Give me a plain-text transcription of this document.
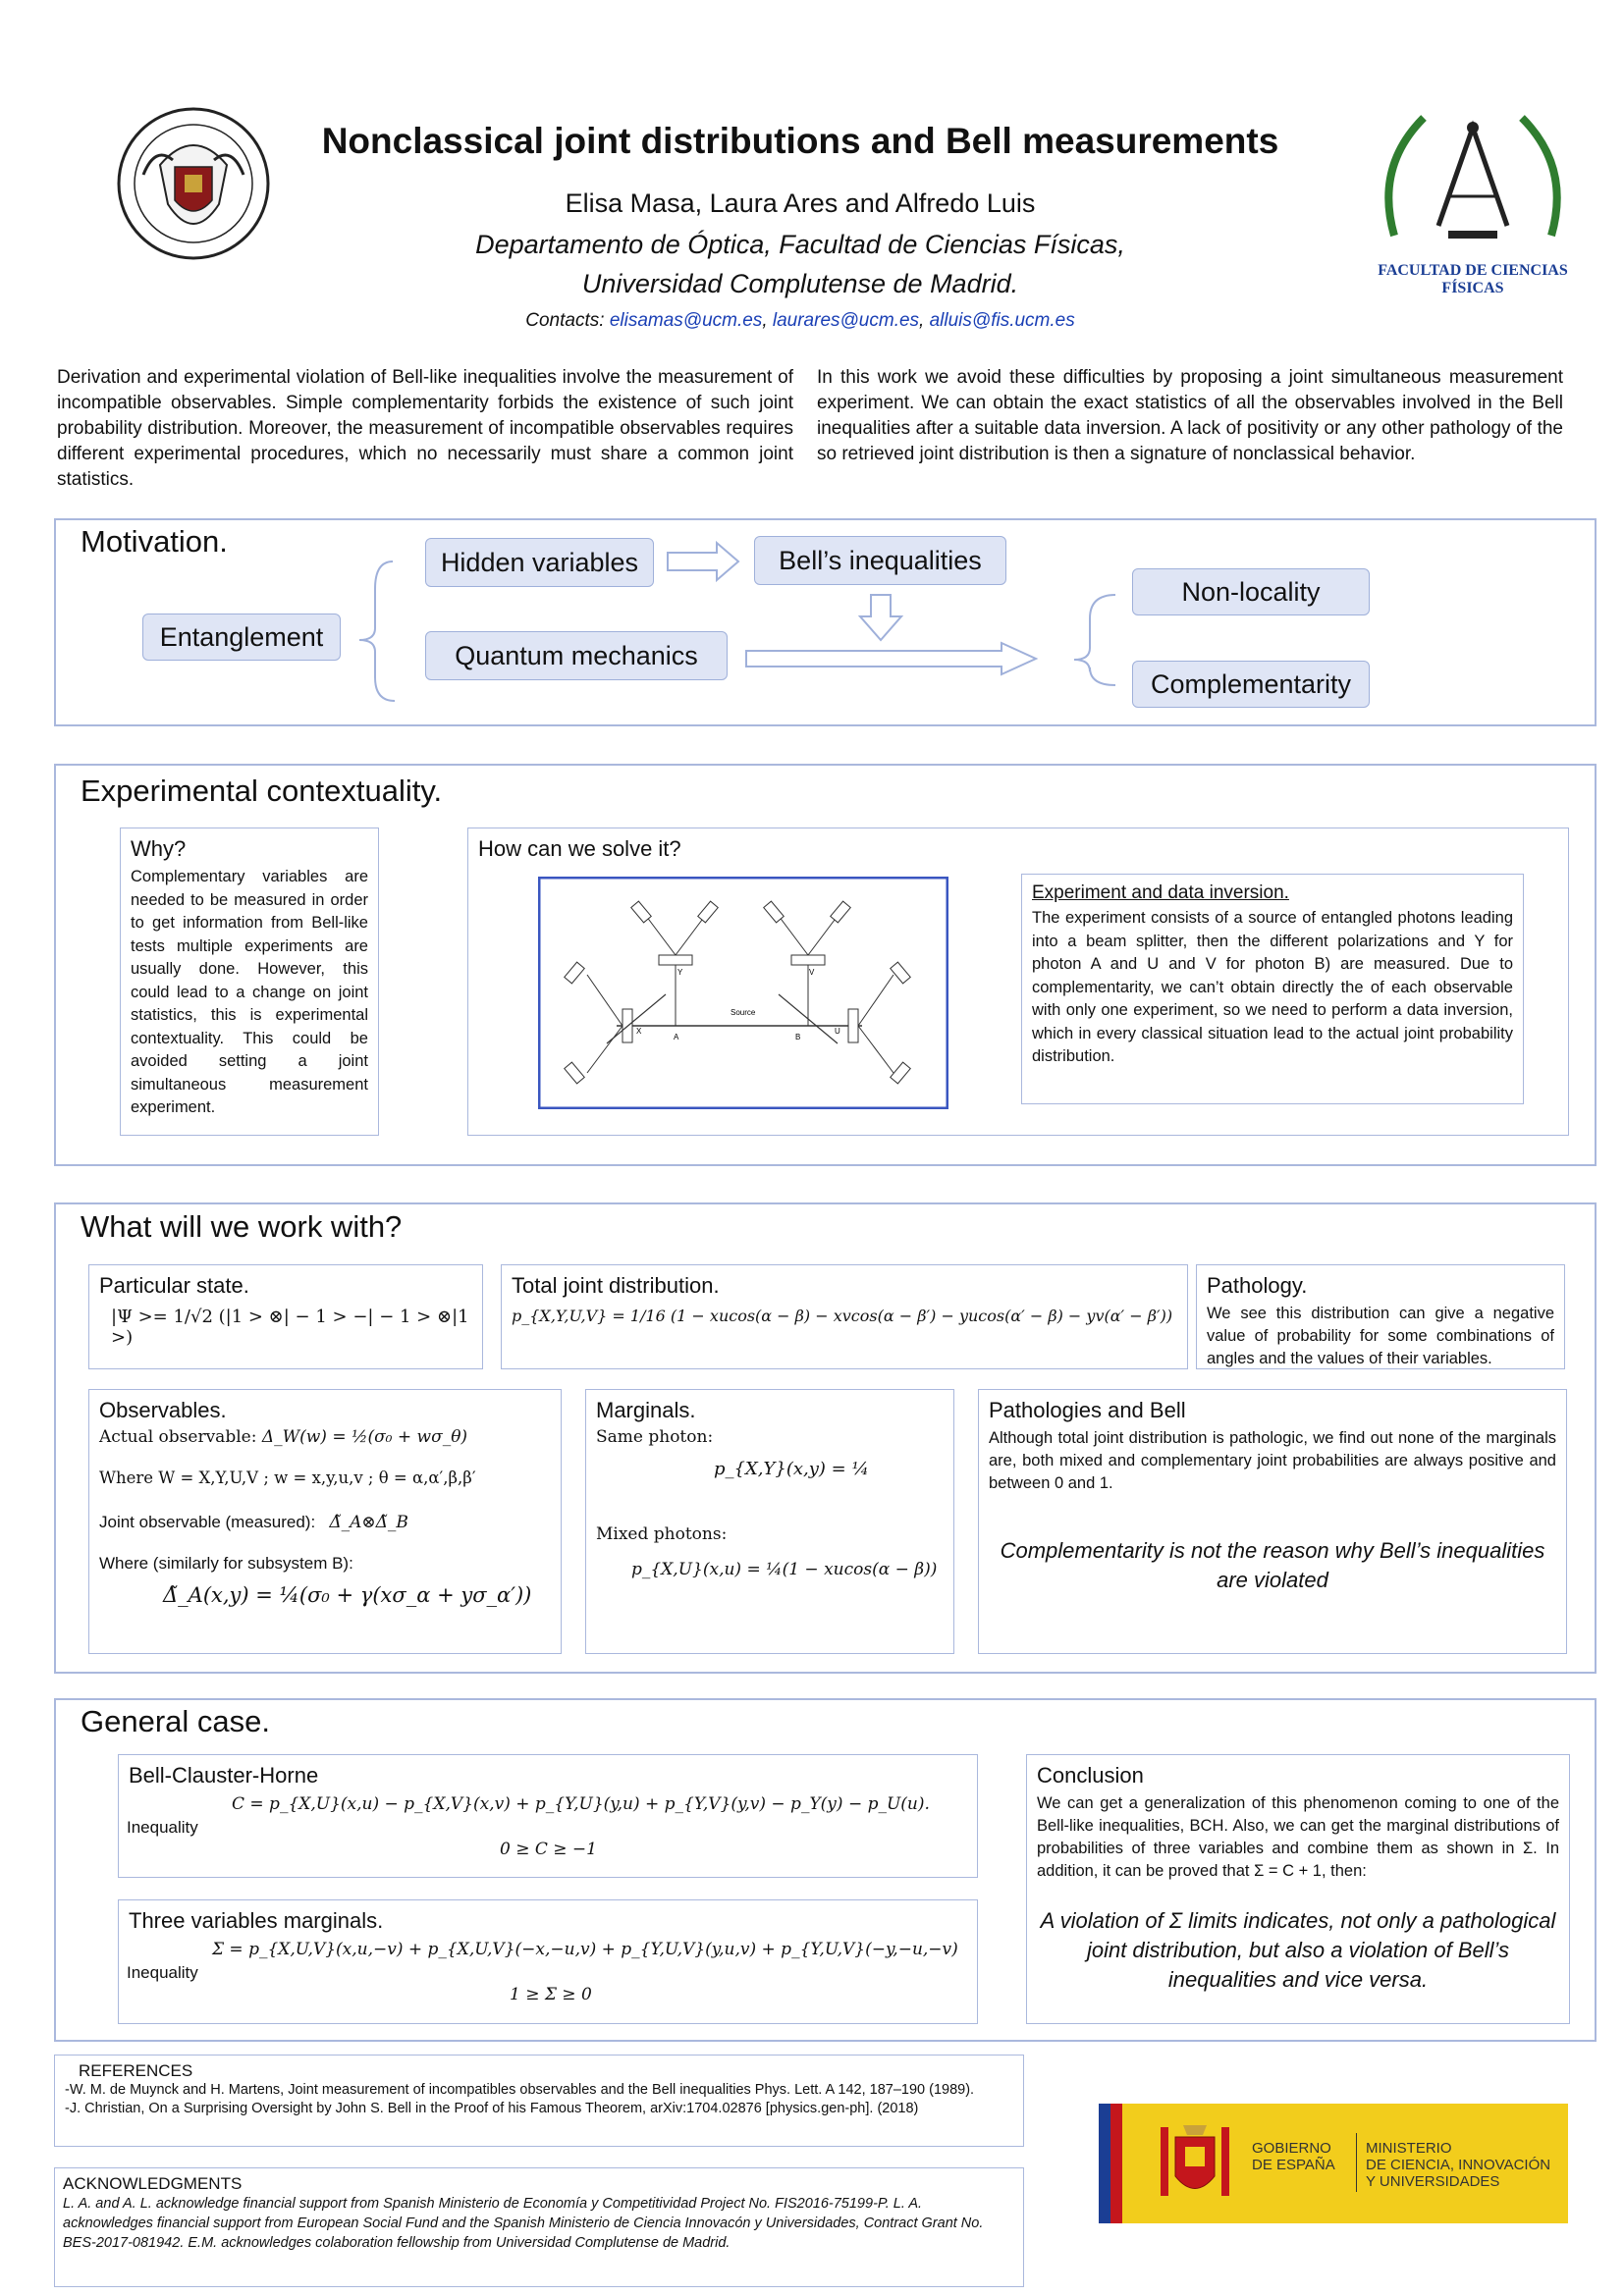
Nonclassical joint distributions and Bell measurements
Elisa Masa, Laura Ares and Alfredo Luis
Departamento de Óptica, Facultad de Ciencias Físicas,
Universidad Complutense de Madrid.
Contacts: elisamas@ucm.es, laurares@ucm.es, alluis@fis.ucm.es
FACULTAD DE CIENCIAS FÍSICAS
Derivation and experimental violation of Bell-like inequalities involve the measurement of incompatible observables. Simple complementarity forbids the existence of such joint probability distribution. Moreover, the measurement of incompatible observables requires different experimental procedures, which no necessarily must share a common joint statistics.
In this work we avoid these difficulties by proposing a joint simultaneous measurement experiment. We can obtain the exact statistics of all the observables involved in the Bell inequalities after a suitable data inversion. A lack of positivity or any other pathology of the so retrieved joint distribution is then a signature of nonclassical behavior.
Motivation.
Entanglement
Hidden variables
Quantum mechanics
Bell’s inequalities
Non-locality
Complementarity
Experimental contextuality.
Why?
Complementary variables are needed to be measured in order to get information from Bell-like tests multiple experiments are usually done. However, this could lead to a change on joint statistics, this is experimental contextuality. This could be avoided setting a joint simultaneous measurement experiment.
How can we solve it?
Source
X
A
Y
U
B
V
Experiment and data inversion.
The experiment consists of a source of entangled photons leading into a beam splitter, then the different polarizations and Y for photon A and U and V for photon B) are measured. Due to complementarity, we can’t obtain directly the of each observable with only one experiment, so we need to perform a data inversion, which in every classical situation lead to the actual joint probability distribution.
What will we work with?
Particular state.
|Ψ >= 1/√2 (|1 > ⊗| − 1 > −| − 1 > ⊗|1 >)
Total joint distribution.
p_{X,Y,U,V} = 1/16 (1 − xucos(α − β) − xvcos(α − β′) − yucos(α′ − β) − yv(α′ − β′))
Pathology.
We see this distribution can give a negative value of probability for some combinations of angles and the values of their variables.
Observables.
Actual observable: Δ_W(w) = ½(σ₀ + wσ_θ)
Where W = X,Y,U,V ; w = x,y,u,v ; θ = α,α′,β,β′
Joint observable (measured): Δ̃_A⊗Δ̃_B
Where (similarly for subsystem B):
Δ̃_A(x,y) = ¼(σ₀ + γ(xσ_α + yσ_α′))
Marginals.
Same photon:
p_{X,Y}(x,y) = ¼
Mixed photons:
p_{X,U}(x,u) = ¼(1 − xucos(α − β))
Pathologies and Bell
Although total joint distribution is pathologic, we find out none of the marginals are, both mixed and complementary joint probabilities are always positive and between 0 and 1.
Complementarity is not the reason why Bell’s inequalities are violated
General case.
Bell-Clauster-Horne
C = p_{X,U}(x,u) − p_{X,V}(x,v) + p_{Y,U}(y,u) + p_{Y,V}(y,v) − p_Y(y) − p_U(u).
Inequality
0 ≥ C ≥ −1
Three variables marginals.
Σ = p_{X,U,V}(x,u,−v) + p_{X,U,V}(−x,−u,v) + p_{Y,U,V}(y,u,v) + p_{Y,U,V}(−y,−u,−v)
Inequality
1 ≥ Σ ≥ 0
Conclusion
We can get a generalization of this phenomenon coming to one of the Bell-like inequalities, BCH. Also, we can get the marginal distributions of probabilities of three variables and combine them as shown in Σ. In addition, it can be proved that Σ = C + 1, then:
A violation of Σ limits indicates, not only a pathological joint distribution, but also a violation of Bell’s inequalities and vice versa.
REFERENCES
-W. M. de Muynck and H. Martens, Joint measurement of incompatibles observables and the Bell inequalities Phys. Lett. A 142, 187–190 (1989).
-J. Christian, On a Surprising Oversight by John S. Bell in the Proof of his Famous Theorem, arXiv:1704.02876 [physics.gen-ph]. (2018)
ACKNOWLEDGMENTS
L. A. and A. L. acknowledge financial support from Spanish Ministerio de Economía y Competitividad Project No. FIS2016-75199-P. L. A. acknowledges financial support from European Social Fund and the Spanish Ministerio de Ciencia Innovacón y Universidades, Contract Grant No. BES-2017-081942. E.M. acknowledges colaboration fellowship from Universidad Complutense de Madrid.
GOBIERNO
DE ESPAÑA
MINISTERIO
DE CIENCIA, INNOVACIÓN
Y UNIVERSIDADES
